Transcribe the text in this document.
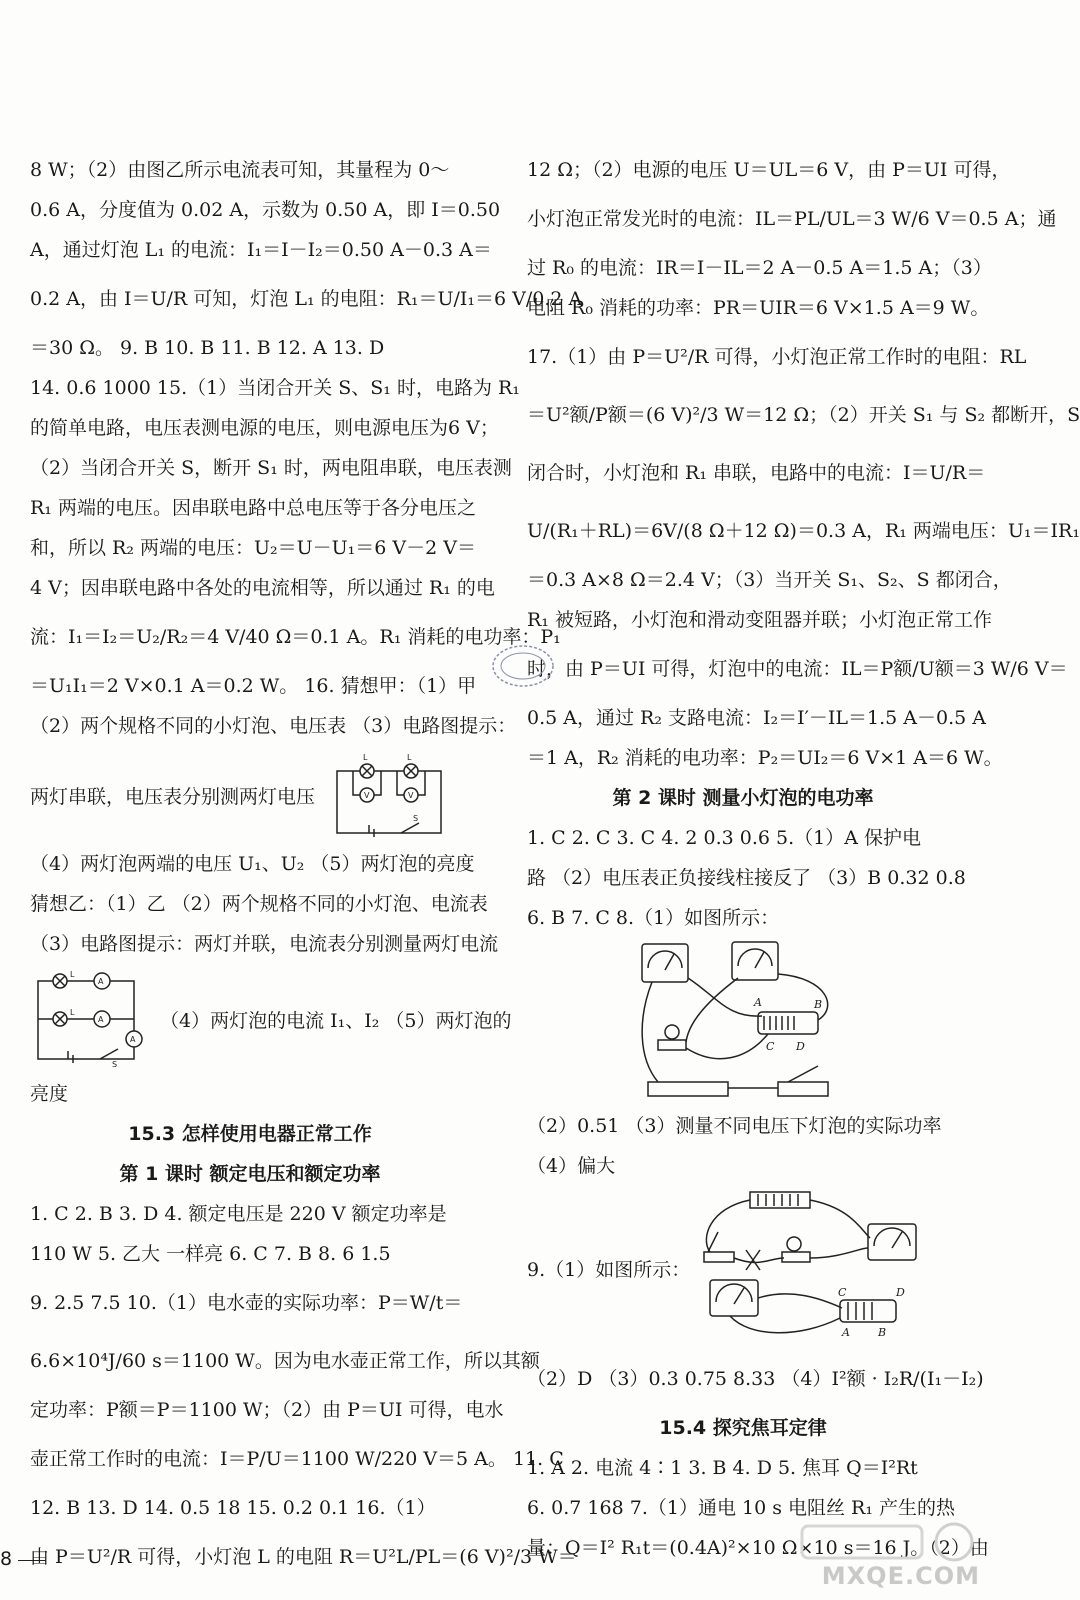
8 W；（2）由图乙所示电流表可知，其量程为 0～
0.6 A，分度值为 0.02 A，示数为 0.50 A，即 I＝0.50
A，通过灯泡 L₁ 的电流：I₁＝I－I₂＝0.50 A－0.3 A＝
0.2 A，由 I＝U/R 可知，灯泡 L₁ 的电阻：R₁＝U/I₁＝6 V/0.2 A
＝30 Ω。 9. B 10. B 11. B 12. A 13. D
14. 0.6 1000 15.（1）当闭合开关 S、S₁ 时，电路为 R₁
的简单电路，电压表测电源的电压，则电源电压为6 V；
（2）当闭合开关 S，断开 S₁ 时，两电阻串联，电压表测
R₁ 两端的电压。因串联电路中总电压等于各分电压之
和，所以 R₂ 两端的电压：U₂＝U－U₁＝6 V－2 V＝
4 V；因串联电路中各处的电流相等，所以通过 R₁ 的电
流：I₁＝I₂＝U₂/R₂＝4 V/40 Ω＝0.1 A。R₁ 消耗的电功率：P₁
＝U₁I₁＝2 V×0.1 A＝0.2 W。 16. 猜想甲：（1）甲
（2）两个规格不同的小灯泡、电压表 （3）电路图提示：
两灯串联，电压表分别测两灯电压
L	L
V	V
S
（4）两灯泡两端的电压 U₁、U₂ （5）两灯泡的亮度
猜想乙：（1）乙 （2）两个规格不同的小灯泡、电流表
（3）电路图提示：两灯并联，电流表分别测量两灯电流
A
A
A
L
L
S
（4）两灯泡的电流 I₁、I₂ （5）两灯泡的
亮度
15.3 怎样使用电器正常工作
第 1 课时 额定电压和额定功率
1. C 2. B 3. D 4. 额定电压是 220 V 额定功率是
110 W 5. 乙大 一样亮 6. C 7. B 8. 6 1.5
9. 2.5 7.5 10.（1）电水壶的实际功率：P＝W/t＝
6.6×10⁴J/60 s＝1100 W。因为电水壶正常工作，所以其额
定功率：P额＝P＝1100 W；（2）由 P＝UI 可得，电水
壶正常工作时的电流：I＝P/U＝1100 W/220 V＝5 A。 11. C
12. B 13. D 14. 0.5 18 15. 0.2 0.1 16.（1）
由 P＝U²/R 可得，小灯泡 L 的电阻 R＝U²L/PL＝(6 V)²/3 W＝
12 Ω；（2）电源的电压 U＝UL＝6 V，由 P＝UI 可得，
小灯泡正常发光时的电流：IL＝PL/UL＝3 W/6 V＝0.5 A；通
过 R₀ 的电流：IR＝I－IL＝2 A－0.5 A＝1.5 A；（3）
电阻 R₀ 消耗的功率：PR＝UIR＝6 V×1.5 A＝9 W。
17.（1）由 P＝U²/R 可得，小灯泡正常工作时的电阻：RL
＝U²额/P额＝(6 V)²/3 W＝12 Ω；（2）开关 S₁ 与 S₂ 都断开，S
闭合时，小灯泡和 R₁ 串联，电路中的电流：I＝U/R＝
U/(R₁＋RL)＝6V/(8 Ω＋12 Ω)＝0.3 A，R₁ 两端电压：U₁＝IR₁
＝0.3 A×8 Ω＝2.4 V；（3）当开关 S₁、S₂、S 都闭合，
R₁ 被短路，小灯泡和滑动变阻器并联；小灯泡正常工作
时，由 P＝UI 可得，灯泡中的电流：IL＝P额/U额＝3 W/6 V＝
0.5 A，通过 R₂ 支路电流：I₂＝I′－IL＝1.5 A－0.5 A
＝1 A，R₂ 消耗的电功率：P₂＝UI₂＝6 V×1 A＝6 W。
第 2 课时 测量小灯泡的电功率
1. C 2. C 3. C 4. 2 0.3 0.6 5.（1）A 保护电
路 （2）电压表正负接线柱接反了 （3）B 0.32 0.8
6. B 7. C 8.（1）如图所示：
A	B
C D
（2）0.51 （3）测量不同电压下灯泡的实际功率
（4）偏大
9.（1）如图所示：
C	D
A	B
（2）D （3）0.3 0.75 8.33 （4）I²额 · I₂R/(I₁－I₂)
15.4 探究焦耳定律
1. A 2. 电流 4∶1 3. B 4. D 5. 焦耳 Q＝I²Rt
6. 0.7 168 7.（1）通电 10 s 电阻丝 R₁ 产生的热
量：Q＝I² R₁t＝(0.4A)²×10 Ω×10 s＝16 J。（2）由
8
MXQE.COM
